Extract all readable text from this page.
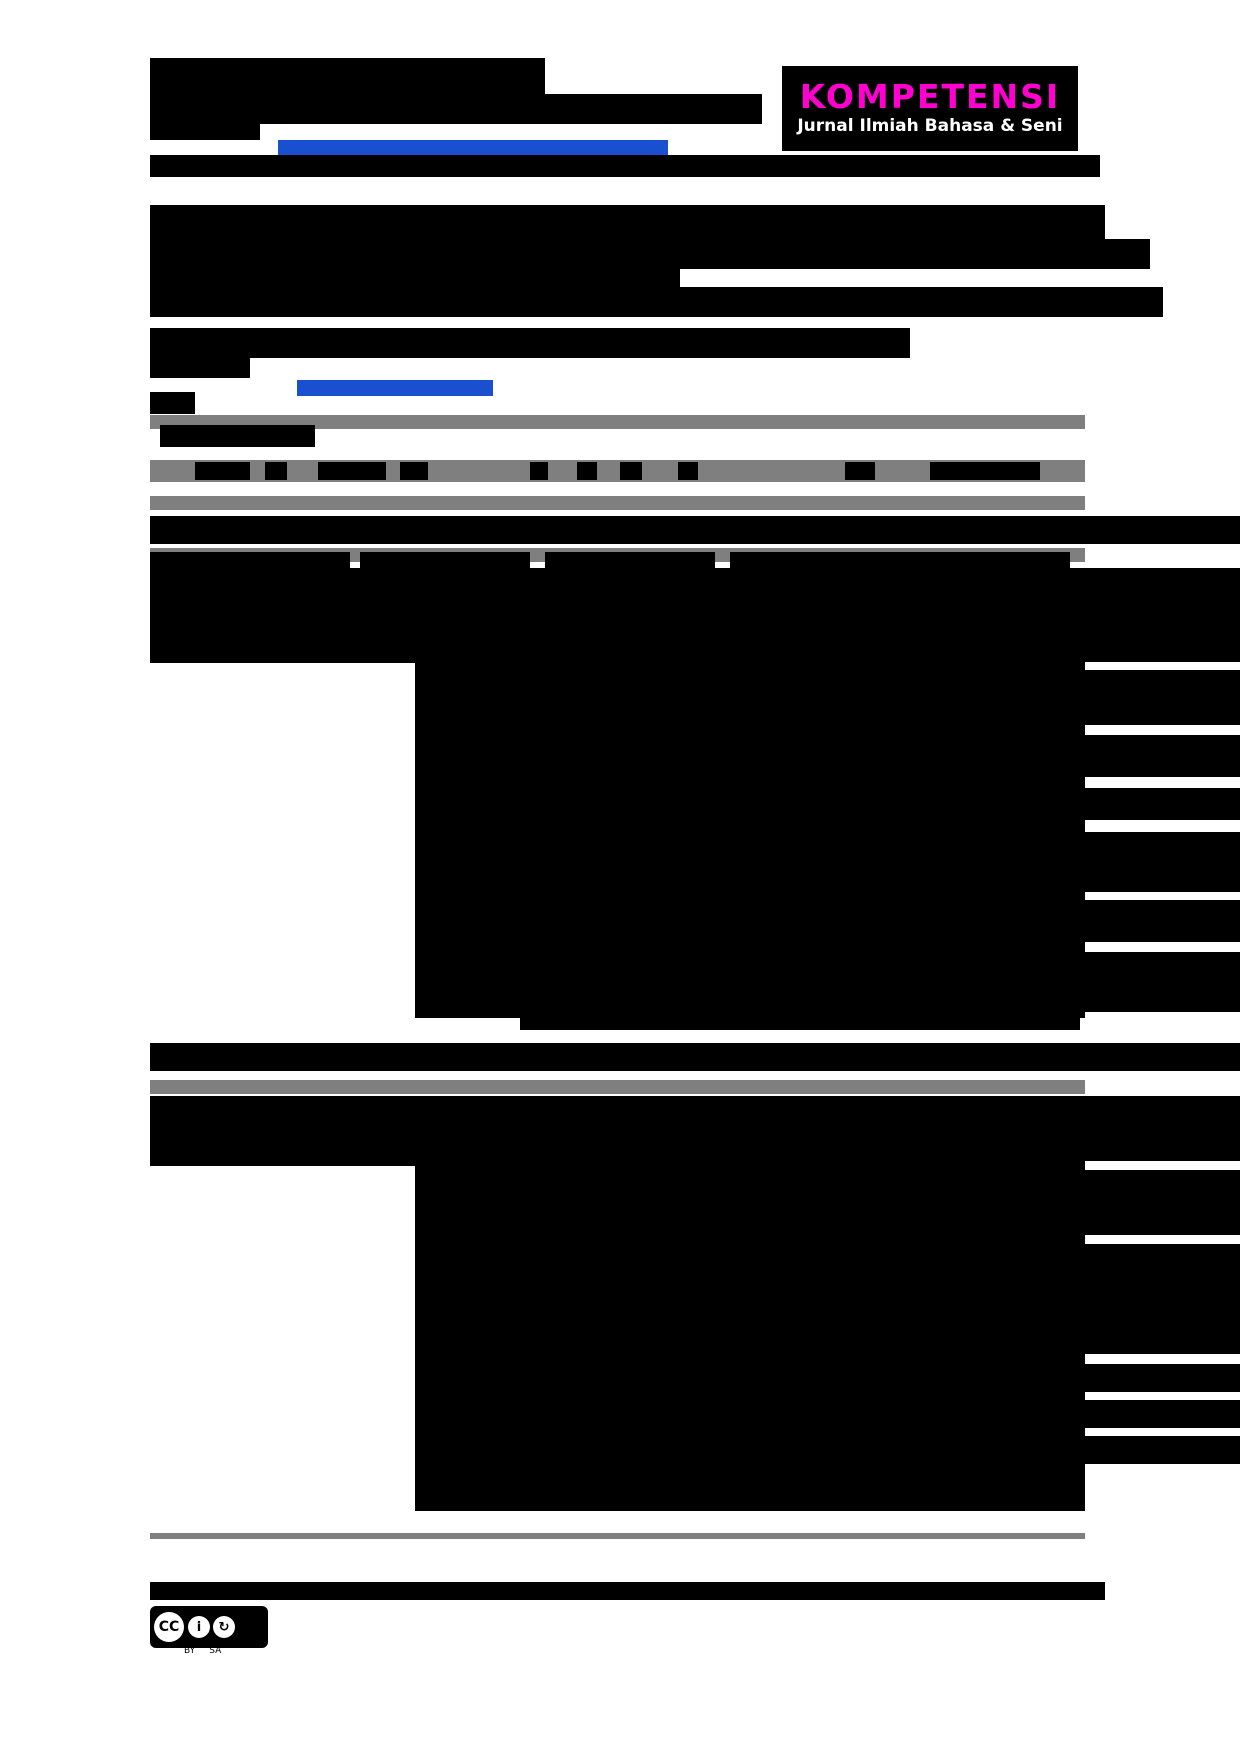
KOMPETENSI
Jurnal Ilmiah Bahasa & Seni
CC	i	↻
BY SA
